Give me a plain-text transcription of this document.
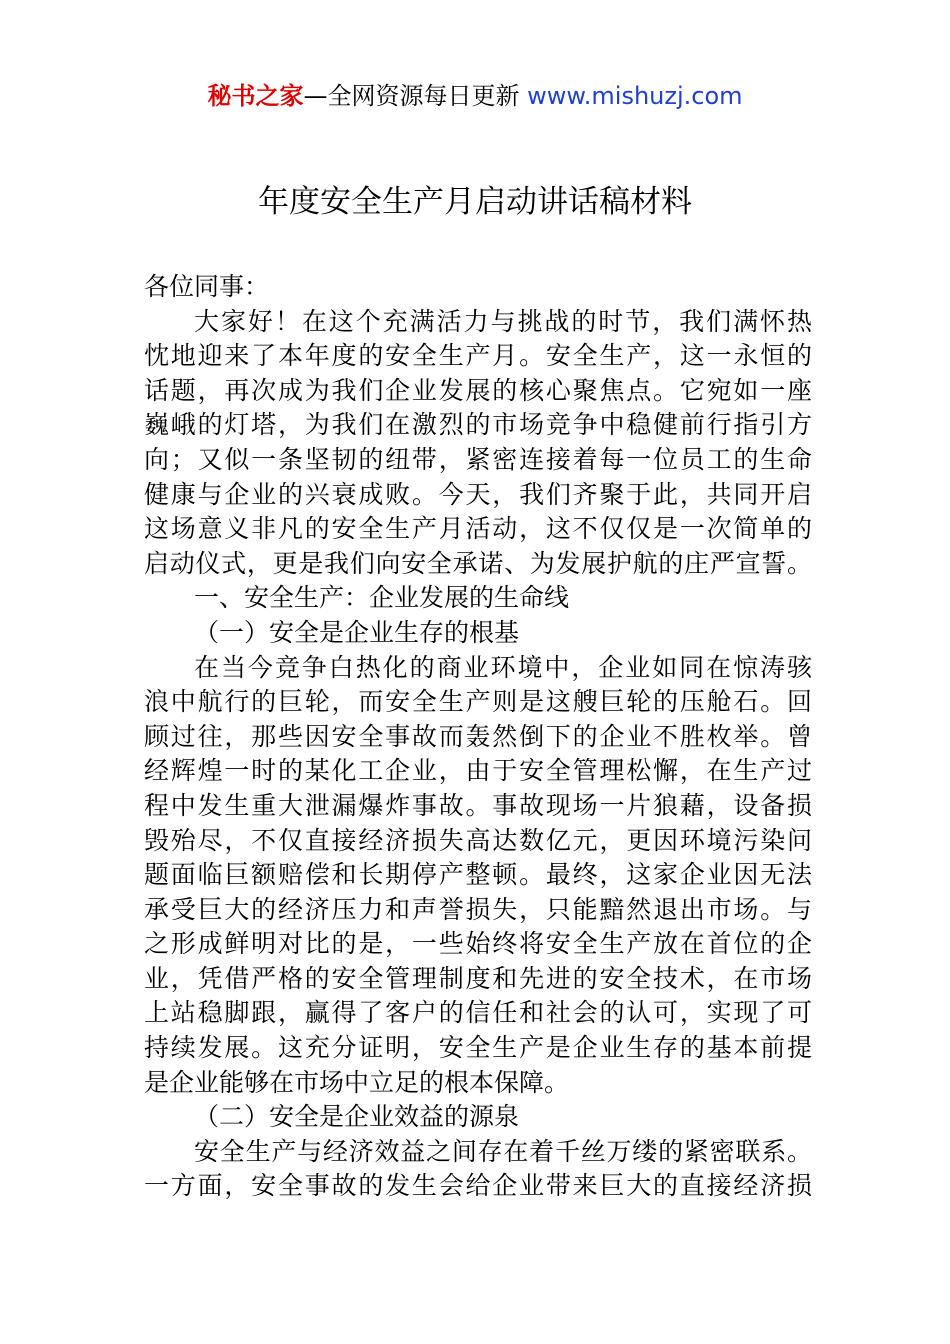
秘书之家—全网资源每日更新 www.mishuzj.com
年度安全生产月启动讲话稿材料
各位同事：
大家好！在这个充满活力与挑战的时节，我们满怀热
忱地迎来了本年度的安全生产月。安全生产，这一永恒的
话题，再次成为我们企业发展的核心聚焦点。它宛如一座
巍峨的灯塔，为我们在激烈的市场竞争中稳健前行指引方
向；又似一条坚韧的纽带，紧密连接着每一位员工的生命
健康与企业的兴衰成败。今天，我们齐聚于此，共同开启
这场意义非凡的安全生产月活动，这不仅仅是一次简单的
启动仪式，更是我们向安全承诺、为发展护航的庄严宣誓。
一、安全生产：企业发展的生命线
（一）安全是企业生存的根基
在当今竞争白热化的商业环境中，企业如同在惊涛骇
浪中航行的巨轮，而安全生产则是这艘巨轮的压舱石。回
顾过往，那些因安全事故而轰然倒下的企业不胜枚举。曾
经辉煌一时的某化工企业，由于安全管理松懈，在生产过
程中发生重大泄漏爆炸事故。事故现场一片狼藉，设备损
毁殆尽，不仅直接经济损失高达数亿元，更因环境污染问
题面临巨额赔偿和长期停产整顿。最终，这家企业因无法
承受巨大的经济压力和声誉损失，只能黯然退出市场。与
之形成鲜明对比的是，一些始终将安全生产放在首位的企
业，凭借严格的安全管理制度和先进的安全技术，在市场
上站稳脚跟，赢得了客户的信任和社会的认可，实现了可
持续发展。这充分证明，安全生产是企业生存的基本前提
是企业能够在市场中立足的根本保障。
（二）安全是企业效益的源泉
安全生产与经济效益之间存在着千丝万缕的紧密联系。
一方面，安全事故的发生会给企业带来巨大的直接经济损
